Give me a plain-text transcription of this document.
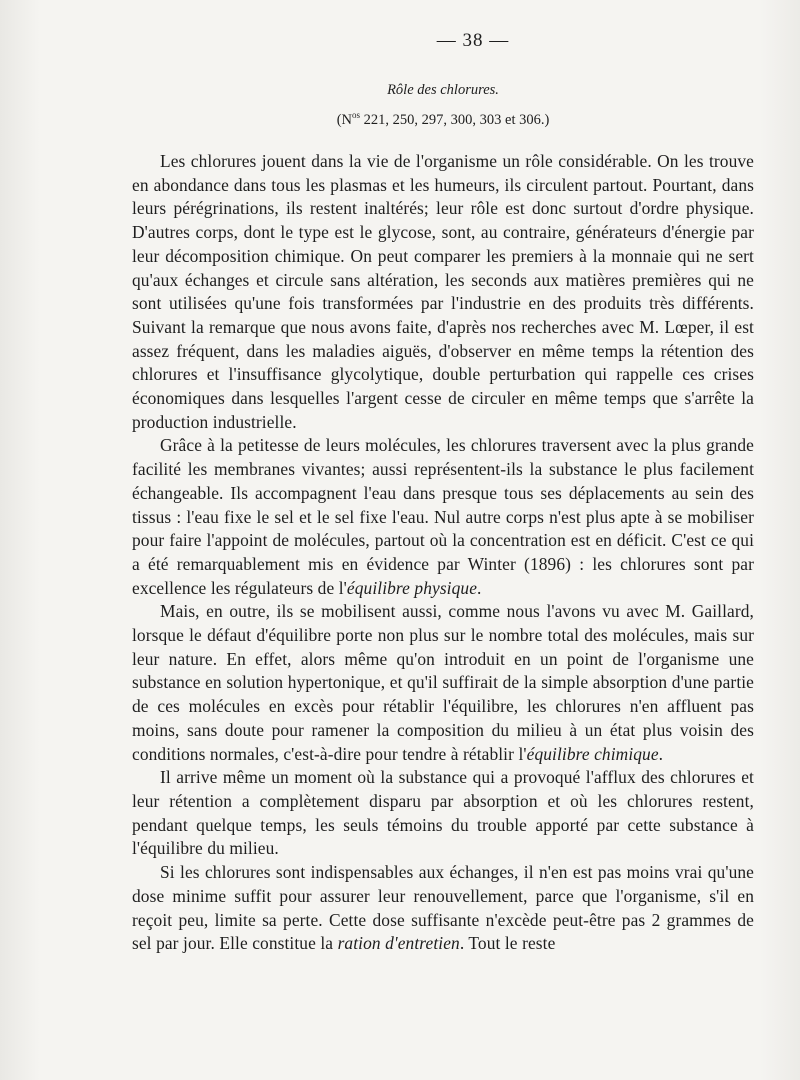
— 38 —
Rôle des chlorures.
($N^{os}$ 221, 250, 297, 300, 303 et 306.)

Les chlorures jouent dans la vie de l'organisme un rôle considérable. On les trouve en abondance dans tous les plasmas et les humeurs, ils circulent partout. Pourtant, dans leurs pérégrinations, ils restent inaltérés; leur rôle est donc surtout d'ordre physique. D'autres corps, dont le type est le glycose, sont, au contraire, générateurs d'énergie par leur décomposition chimique. On peut comparer les premiers à la monnaie qui ne sert qu'aux échanges et circule sans altération, les seconds aux matières premières qui ne sont utilisées qu'une fois transformées par l'industrie en des produits très différents. Suivant la remarque que nous avons faite, d'après nos recherches avec M. Lœper, il est assez fréquent, dans les maladies aiguës, d'observer en même temps la rétention des chlorures et l'insuffisance glycolytique, double perturbation qui rappelle ces crises économiques dans lesquelles l'argent cesse de circuler en même temps que s'arrête la production industrielle.

Grâce à la petitesse de leurs molécules, les chlorures traversent avec la plus grande facilité les membranes vivantes; aussi représentent-ils la substance le plus facilement échangeable. Ils accompagnent l'eau dans presque tous ses déplacements au sein des tissus : l'eau fixe le sel et le sel fixe l'eau. Nul autre corps n'est plus apte à se mobiliser pour faire l'appoint de molécules, partout où la concentration est en déficit. C'est ce qui a été remarquablement mis en évidence par Winter (1896) : les chlorures sont par excellence les régulateurs de l'équilibre physique.

Mais, en outre, ils se mobilisent aussi, comme nous l'avons vu avec M. Gaillard, lorsque le défaut d'équilibre porte non plus sur le nombre total des molécules, mais sur leur nature. En effet, alors même qu'on introduit en un point de l'organisme une substance en solution hypertonique, et qu'il suffirait de la simple absorption d'une partie de ces molécules en excès pour rétablir l'équilibre, les chlorures n'en affluent pas moins, sans doute pour ramener la composition du milieu à un état plus voisin des conditions normales, c'est-à-dire pour tendre à rétablir l'équilibre chimique.

Il arrive même un moment où la substance qui a provoqué l'afflux des chlorures et leur rétention a complètement disparu par absorption et où les chlorures restent, pendant quelque temps, les seuls témoins du trouble apporté par cette substance à l'équilibre du milieu.

Si les chlorures sont indispensables aux échanges, il n'en est pas moins vrai qu'une dose minime suffit pour assurer leur renouvellement, parce que l'organisme, s'il en reçoit peu, limite sa perte. Cette dose suffisante n'excède peut-être pas 2 grammes de sel par jour. Elle constitue la ration d'entretien. Tout le reste
